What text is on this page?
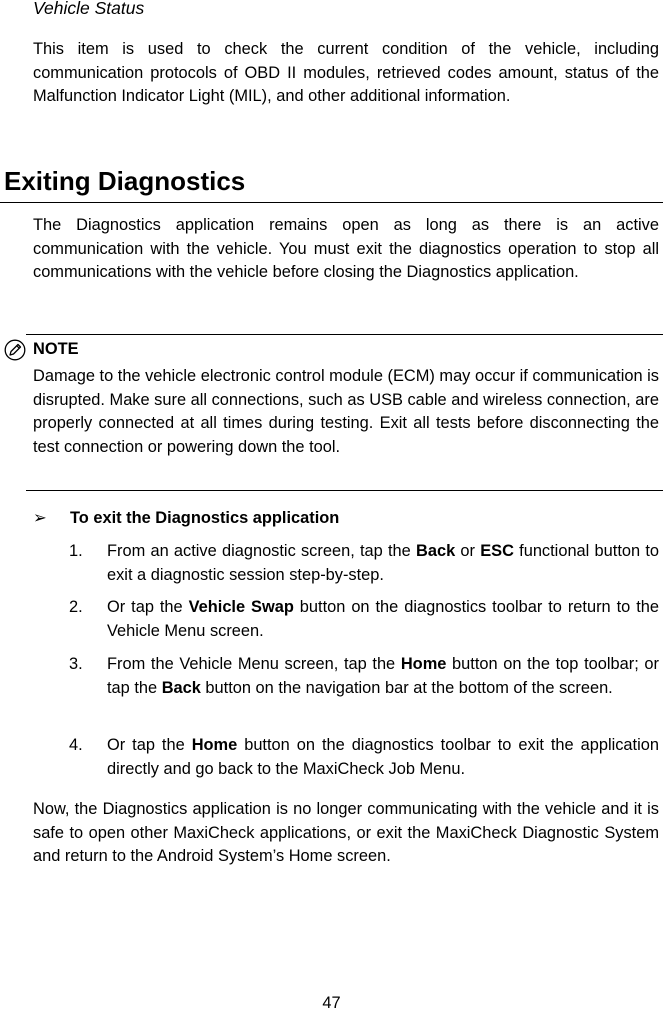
Vehicle Status

This item is used to check the current condition of the vehicle, including communication protocols of OBD II modules, retrieved codes amount, status of the Malfunction Indicator Light (MIL), and other additional information.

Exiting Diagnostics

The Diagnostics application remains open as long as there is an active communication with the vehicle. You must exit the diagnostics operation to stop all communications with the vehicle before closing the Diagnostics application.

NOTE

Damage to the vehicle electronic control module (ECM) may occur if communication is disrupted. Make sure all connections, such as USB cable and wireless connection, are properly connected at all times during testing. Exit all tests before disconnecting the test connection or powering down the tool.

➢ To exit the Diagnostics application
1. From an active diagnostic screen, tap the Back or ESC functional button to exit a diagnostic session step-by-step.
2. Or tap the Vehicle Swap button on the diagnostics toolbar to return to the Vehicle Menu screen.
3. From the Vehicle Menu screen, tap the Home button on the top toolbar; or tap the Back button on the navigation bar at the bottom of the screen.
4. Or tap the Home button on the diagnostics toolbar to exit the application directly and go back to the MaxiCheck Job Menu.

Now, the Diagnostics application is no longer communicating with the vehicle and it is safe to open other MaxiCheck applications, or exit the MaxiCheck Diagnostic System and return to the Android System’s Home screen.

47
